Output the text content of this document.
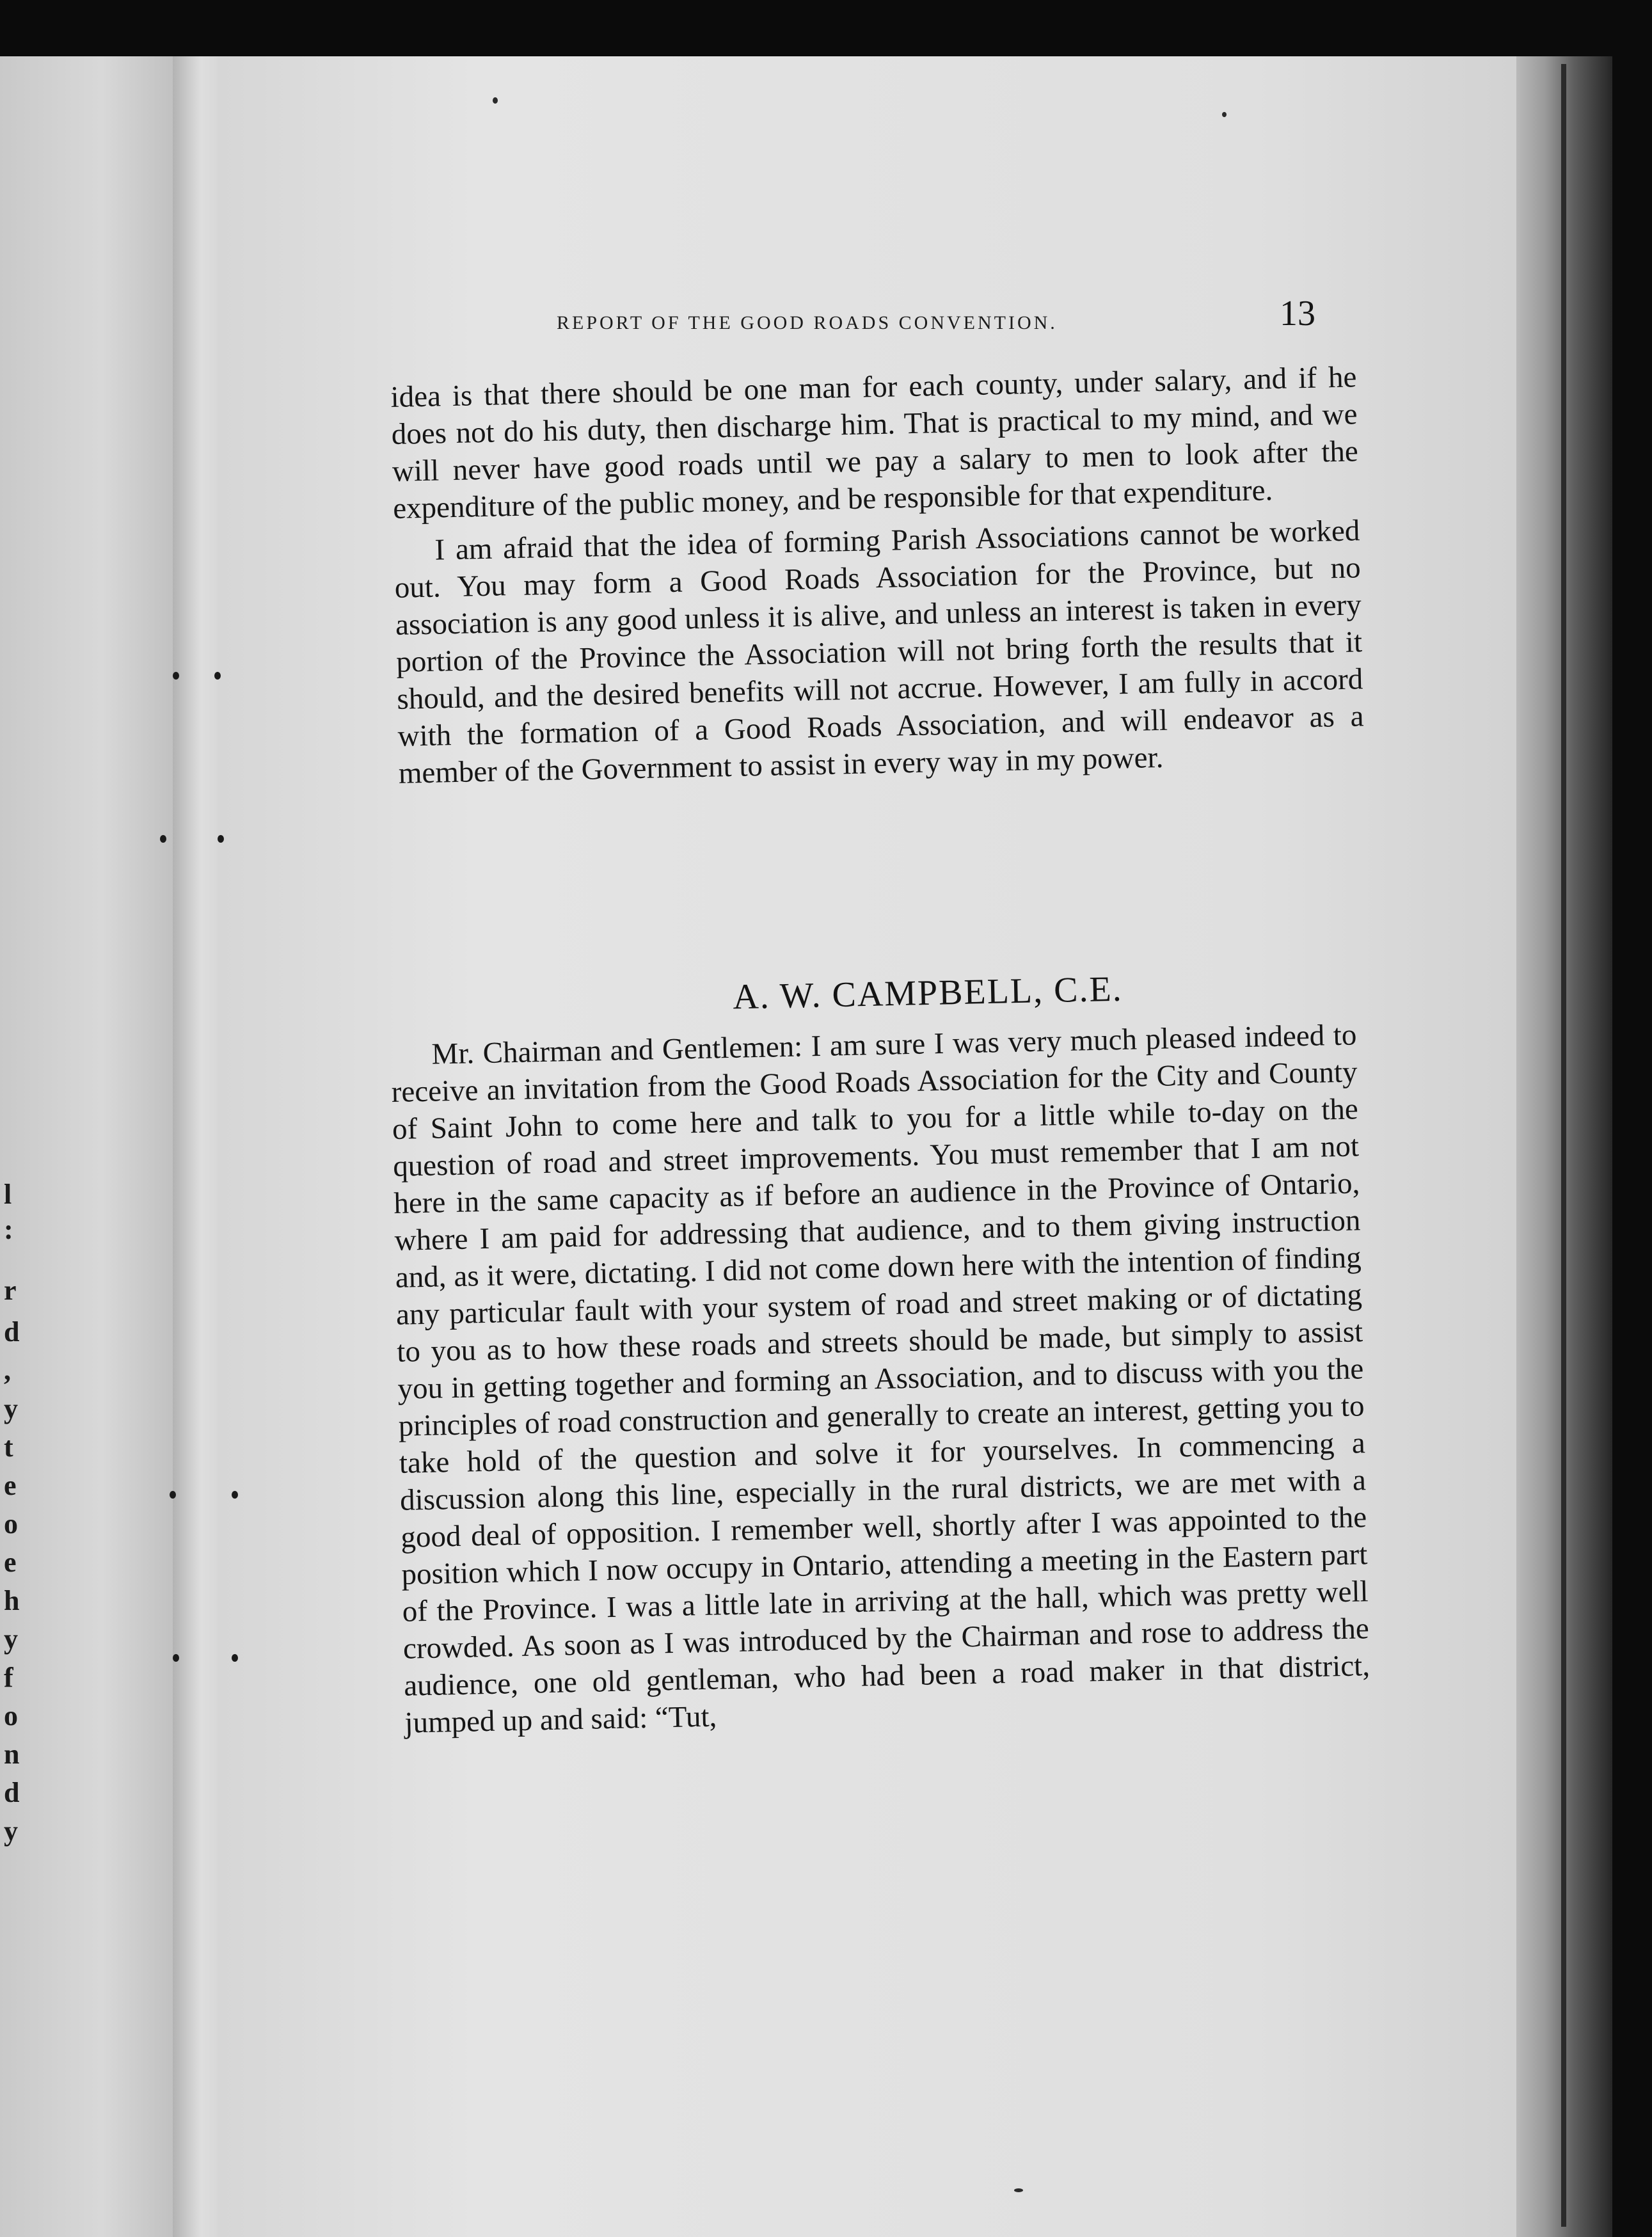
l
:
r
d
,
y
t
e
o
e
h
y
f
o
n
d
y
REPORT OF THE GOOD ROADS CONVENTION.	13

idea is that there should be one man for each county, under salary, and if he does not do his duty, then discharge him. That is practical to my mind, and we will never have good roads until we pay a salary to men to look after the expenditure of the public money, and be responsible for that expenditure.

I am afraid that the idea of forming Parish Associations cannot be worked out. You may form a Good Roads Association for the Province, but no association is any good unless it is alive, and unless an interest is taken in every portion of the Province the Association will not bring forth the results that it should, and the desired benefits will not accrue. However, I am fully in accord with the formation of a Good Roads Association, and will endeavor as a member of the Government to assist in every way in my power.

A. W. CAMPBELL, C.E.

Mr. Chairman and Gentlemen: I am sure I was very much pleased indeed to receive an invitation from the Good Roads Association for the City and County of Saint John to come here and talk to you for a little while to-day on the question of road and street improvements. You must remember that I am not here in the same capacity as if before an audience in the Province of Ontario, where I am paid for addressing that audience, and to them giving instruction and, as it were, dictating. I did not come down here with the intention of finding any particular fault with your system of road and street making or of dictating to you as to how these roads and streets should be made, but simply to assist you in getting together and forming an Association, and to discuss with you the principles of road construction and generally to create an interest, getting you to take hold of the question and solve it for yourselves. In commencing a discussion along this line, especially in the rural districts, we are met with a good deal of opposition. I remember well, shortly after I was appointed to the position which I now occupy in Ontario, attending a meeting in the Eastern part of the Province. I was a little late in arriving at the hall, which was pretty well crowded. As soon as I was introduced by the Chairman and rose to address the audience, one old gentleman, who had been a road maker in that district, jumped up and said: “Tut,
